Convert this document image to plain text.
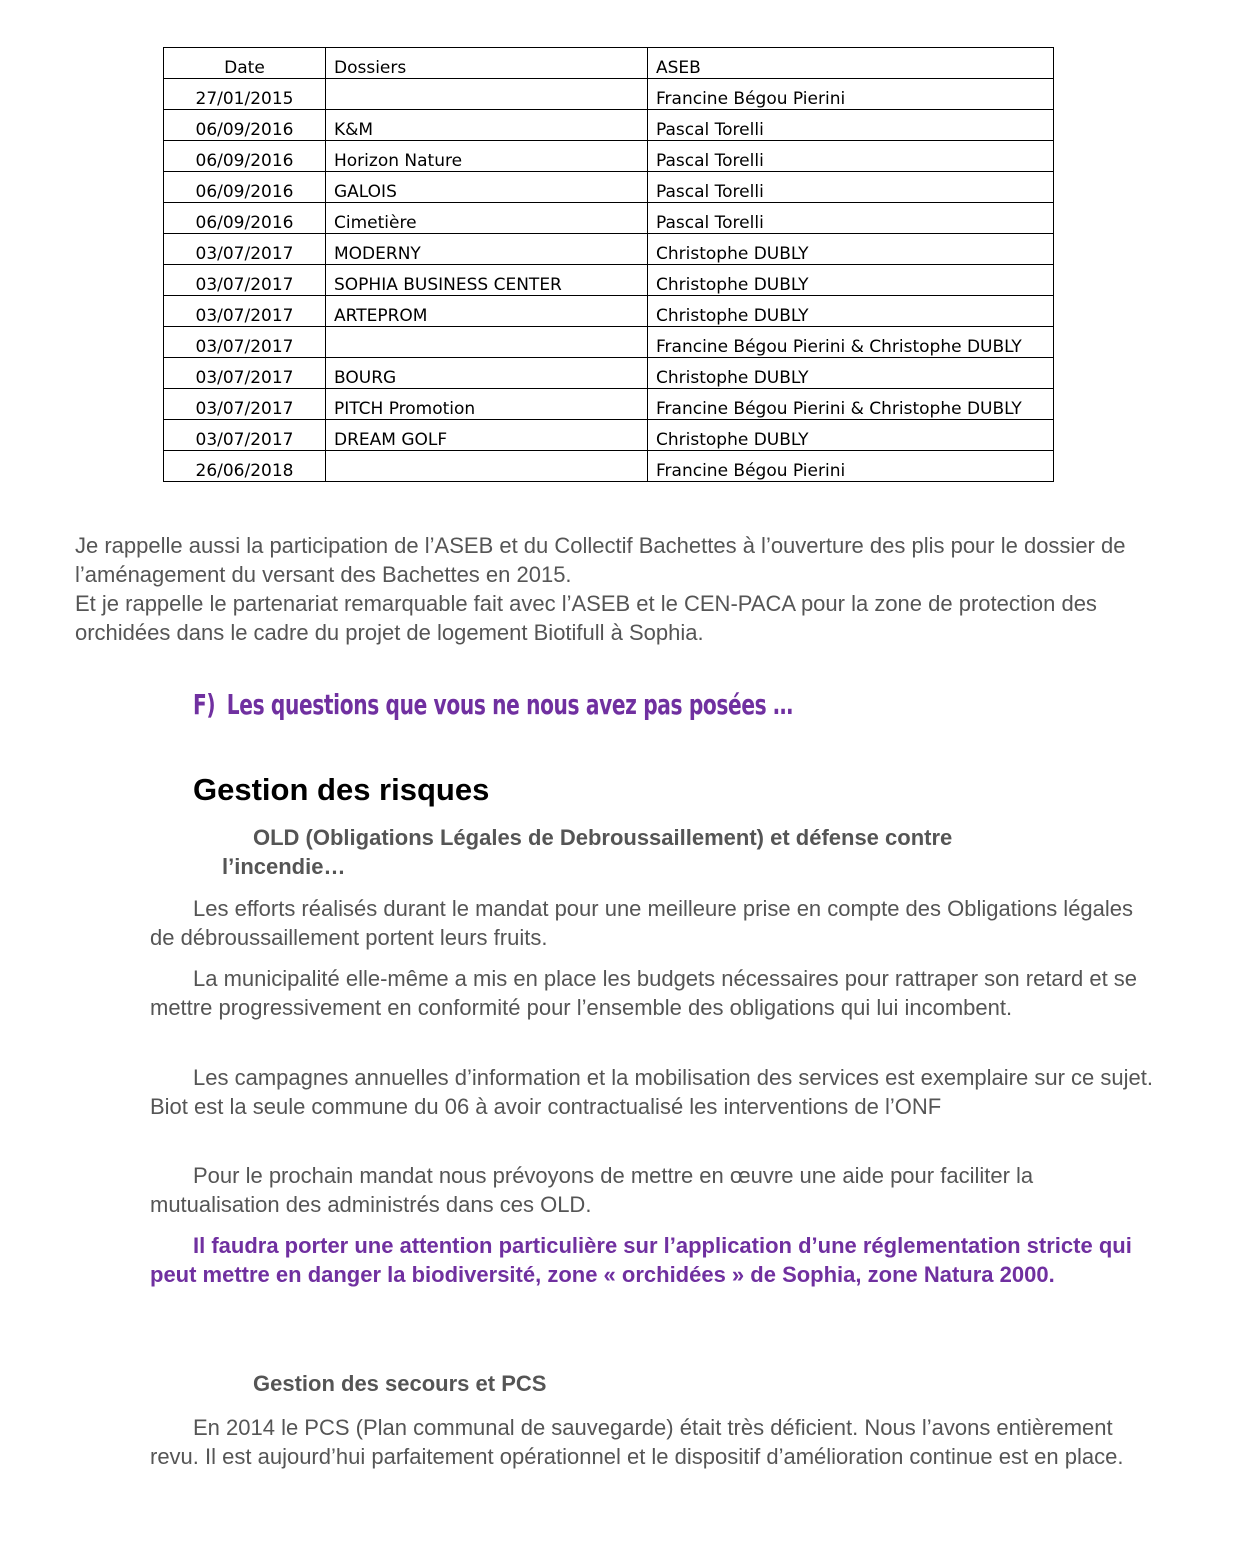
Date	Dossiers	ASEB
27/01/2015		Francine Bégou Pierini
06/09/2016	K&M	Pascal Torelli
06/09/2016	Horizon Nature	Pascal Torelli
06/09/2016	GALOIS	Pascal Torelli
06/09/2016	Cimetière	Pascal Torelli
03/07/2017	MODERNY	Christophe DUBLY
03/07/2017	SOPHIA BUSINESS CENTER	Christophe DUBLY
03/07/2017	ARTEPROM	Christophe DUBLY
03/07/2017		Francine Bégou Pierini & Christophe DUBLY
03/07/2017	BOURG	Christophe DUBLY
03/07/2017	PITCH Promotion	Francine Bégou Pierini & Christophe DUBLY
03/07/2017	DREAM GOLF	Christophe DUBLY
26/06/2018		Francine Bégou Pierini

Je rappelle aussi la participation de l’ASEB et du Collectif Bachettes à l’ouverture des plis pour le dossier de l’aménagement du versant des Bachettes en 2015.
Et je rappelle le partenariat remarquable fait avec l’ASEB et le CEN-PACA pour la zone de protection des orchidées dans le cadre du projet de logement Biotifull à Sophia.

F) Les questions que vous ne nous avez pas posées …
Gestion des risques
OLD (Obligations Légales de Debroussaillement) et défense contre l’incendie…

Les efforts réalisés durant le mandat pour une meilleure prise en compte des Obligations légales de débroussaillement portent leurs fruits.

La municipalité elle-même a mis en place les budgets nécessaires pour rattraper son retard et se mettre progressivement en conformité pour l’ensemble des obligations qui lui incombent.

Les campagnes annuelles d’information et la mobilisation des services est exemplaire sur ce sujet. Biot est la seule commune du 06 à avoir contractualisé les interventions de l’ONF

Pour le prochain mandat nous prévoyons de mettre en œuvre une aide pour faciliter la mutualisation des administrés dans ces OLD.

Il faudra porter une attention particulière sur l’application d’une réglementation stricte qui peut mettre en danger la biodiversité, zone « orchidées » de Sophia, zone Natura 2000.

Gestion des secours et PCS

En 2014 le PCS (Plan communal de sauvegarde) était très déficient. Nous l’avons entièrement revu. Il est aujourd’hui parfaitement opérationnel et le dispositif d’amélioration continue est en place.
